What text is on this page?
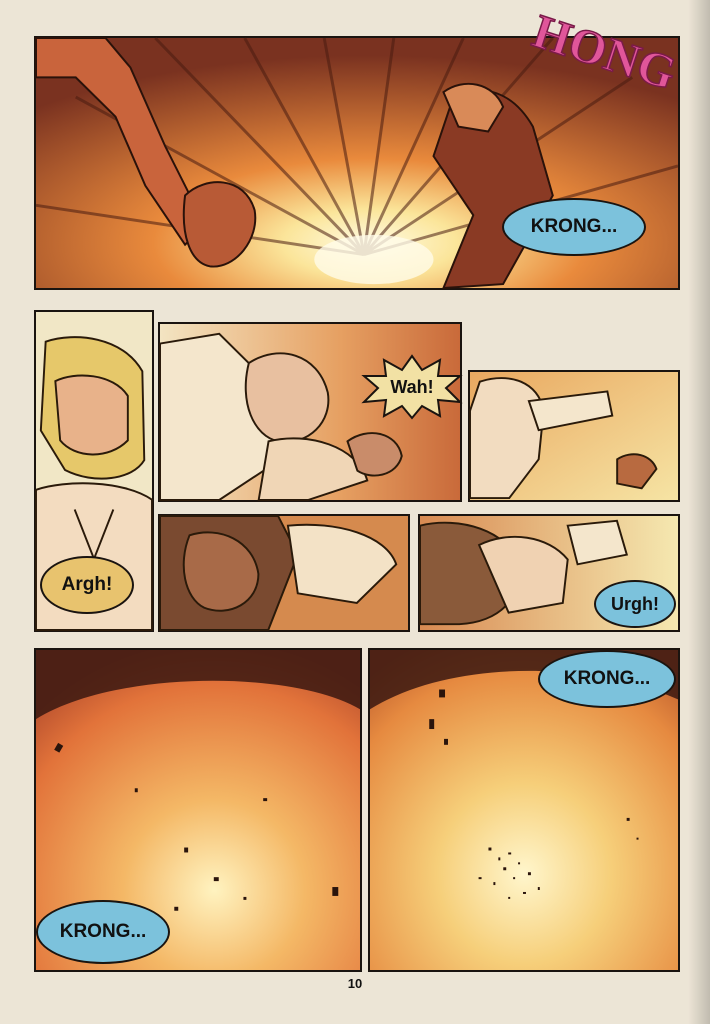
HONG
KRONG...
Wah!
Argh!
Urgh!
KRONG...
KRONG...
10
